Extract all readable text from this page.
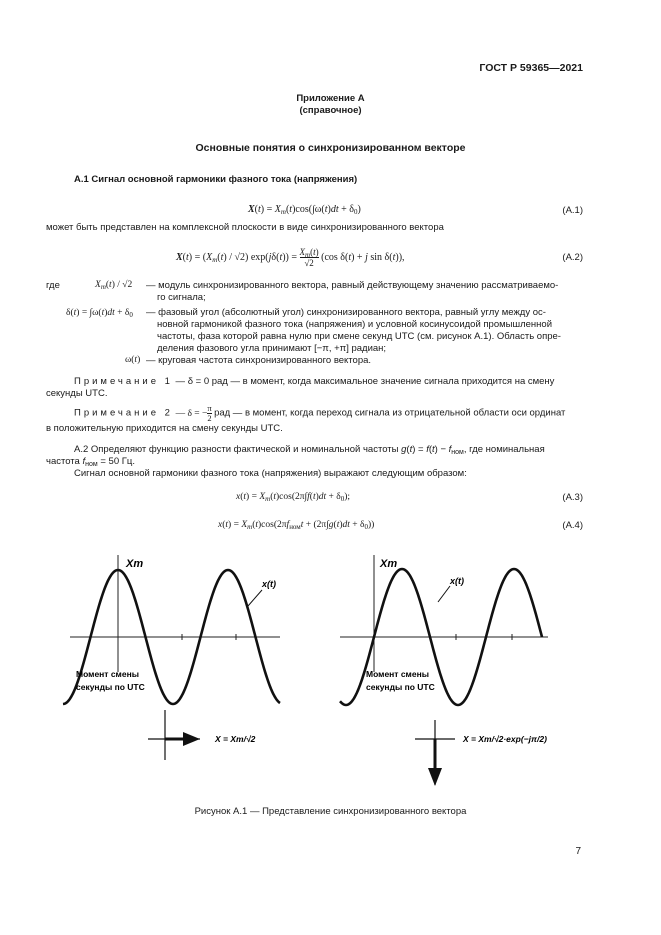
ГОСТ Р 59365—2021
Приложение А
(справочное)
Основные понятия о синхронизированном векторе
А.1 Сигнал основной гармоники фазного тока (напряжения)
$X(t) = X_m(t)\cos(\int\omega(t)dt + \delta_0)$	(А.1)
может быть представлен на комплексной плоскости в виде синхронизированного вектора
$X(t) = (X_m(t) / √2) \exp(j\delta(t)) = \frac{X_m(t)}{√2} (\cos$ δ(t) + j sin δ(t)),	(А.2)
где	$X_m(t) / √2$ — модуль синхронизированного вектора, равный действующему значению рассматриваемо-
го сигнала;
$\delta(t) = \int\omega(t)dt + \delta_0$ — фазовый угол (абсолютный угол) синхронизированного вектора, равный углу между ос-
новной гармоникой фазного тока (напряжения) и условной косинусоидой промышленной
частоты, фаза которой равна нулю при смене секунд UTC (см. рисунок А.1). Область опре-
деления фазового угла принимают [−π, +π] радиан;
ω(t) — круговая частота синхронизированного вектора.
Примечание 1 — δ = 0 рад — в момент, когда максимальное значение сигнала приходится на смену
секунды UTC.
Примечание 2 — δ = − $\frac{\pi}{2}$ рад — в момент, когда переход сигнала из отрицательной области оси ординат
в положительную приходится на смену секунды UTC.
А.2 Определяют функцию разности фактической и номинальной частоты $g(t) = f(t) - f_{ном}$, где номинальная
частота $f_{ном} = 50$ Гц.
Сигнал основной гармоники фазного тока (напряжения) выражают следующим образом:
$x(t) = X_m(t)\cos(2\pi\int f(t)dt + \delta_0)$;	(А.3)
$x(t) = X_m(t)\cos(2\pi f_{ном}t + (2\pi\int g(t)dt + \delta_0))$	(А.4)
Xm
x(t)
Момент смены
секунды по UTC
X = Xm/√2
Xm
x(t)
Момент смены
секунды по UTC
X = Xm/√2·exp(−jπ/2)
Рисунок А.1 — Представление синхронизированного вектора
7
